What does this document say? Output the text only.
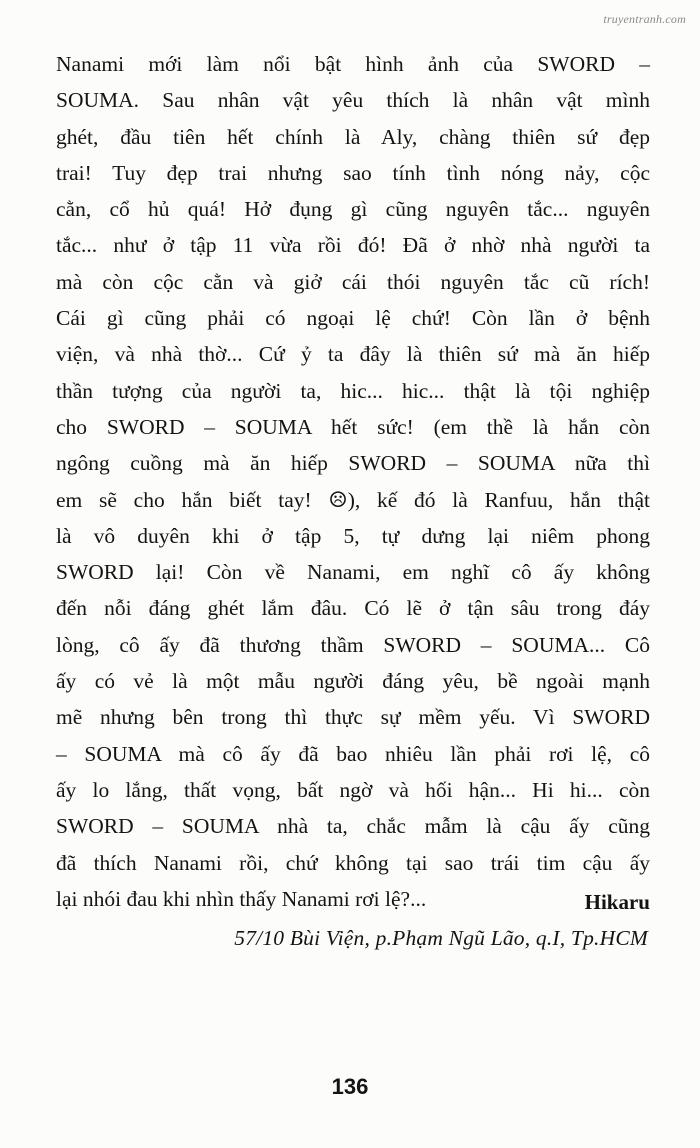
truyentranh.com
Nanami mới làm nổi bật hình ảnh của SWORD –
SOUMA. Sau nhân vật yêu thích là nhân vật mình
ghét, đầu tiên hết chính là Aly, chàng thiên sứ đẹp
trai! Tuy đẹp trai nhưng sao tính tình nóng nảy, cộc
cằn, cổ hủ quá! Hở đụng gì cũng nguyên tắc... nguyên
tắc... như ở tập 11 vừa rồi đó! Đã ở nhờ nhà người ta
mà còn cộc cằn và giở cái thói nguyên tắc cũ rích!
Cái gì cũng phải có ngoại lệ chứ! Còn lần ở bệnh
viện, và nhà thờ... Cứ ỷ ta đây là thiên sứ mà ăn hiếp
thần tượng của người ta, hic... hic... thật là tội nghiệp
cho SWORD – SOUMA hết sức! (em thề là hắn còn
ngông cuồng mà ăn hiếp SWORD – SOUMA nữa thì
em sẽ cho hắn biết tay! ☹), kế đó là Ranfuu, hắn thật
là vô duyên khi ở tập 5, tự dưng lại niêm phong
SWORD lại! Còn về Nanami, em nghĩ cô ấy không
đến nỗi đáng ghét lắm đâu. Có lẽ ở tận sâu trong đáy
lòng, cô ấy đã thương thầm SWORD – SOUMA... Cô
ấy có vẻ là một mẫu người đáng yêu, bề ngoài mạnh
mẽ nhưng bên trong thì thực sự mềm yếu. Vì SWORD
– SOUMA mà cô ấy đã bao nhiêu lần phải rơi lệ, cô
ấy lo lắng, thất vọng, bất ngờ và hối hận... Hi hi... còn
SWORD – SOUMA nhà ta, chắc mẫm là cậu ấy cũng
đã thích Nanami rồi, chứ không tại sao trái tim cậu ấy
lại nhói đau khi nhìn thấy Nanami rơi lệ?...	Hikaru
57/10 Bùi Viện, p.Phạm Ngũ Lão, q.I, Tp.HCM
136
